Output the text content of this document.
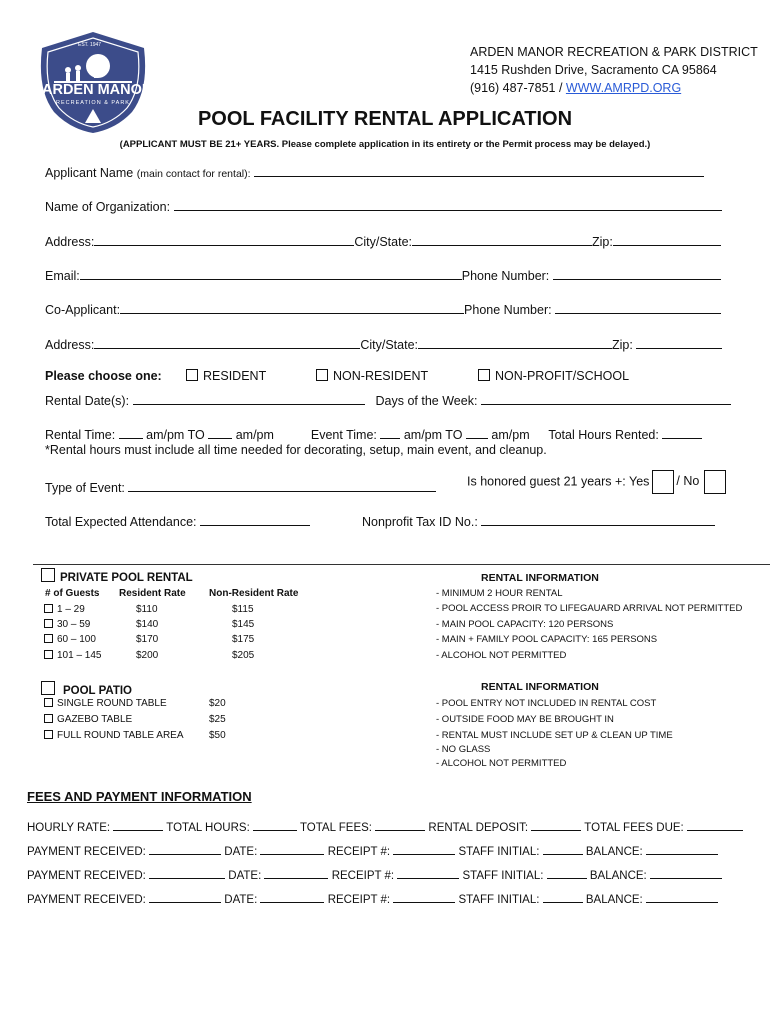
EST. 1947
ARDEN MANOR
RECREATION & PARK
ARDEN MANOR RECREATION & PARK DISTRICT
1415 Rushden Drive, Sacramento CA 95864
(916) 487-7851 / WWW.AMRPD.ORG
POOL FACILITY RENTAL APPLICATION
(APPLICANT MUST BE 21+ YEARS. Please complete application in its entirety or the Permit process may be delayed.)
Applicant Name (main contact for rental):
Name of Organization:
Address:	City/State:	Zip:
Email:	Phone Number:
Co-Applicant:	Phone Number:
Address:	City/State:	Zip:
Please choose one:	RESIDENT	NON-RESIDENT	NON-PROFIT/SCHOOL
Rental Date(s):	Days of the Week:
Rental Time: am/pm TO am/pm	Event Time: am/pm TO am/pm Total Hours Rented:
*Rental hours must include all time needed for decorating, setup, main event, and cleanup.
Type of Event:	Is honored guest 21 years +: Yes / No
Total Expected Attendance:	Nonprofit Tax ID No.:
PRIVATE POOL RENTAL
# of Guests Resident Rate Non-Resident Rate
1 – 29	$110	$115
30 – 59	$140	$145
60 – 100	$170	$175
101 – 145	$200	$205
RENTAL INFORMATION
- MINIMUM 2 HOUR RENTAL
- POOL ACCESS PROIR TO LIFEGAUARD ARRIVAL NOT PERMITTED
- MAIN POOL CAPACITY: 120 PERSONS
- MAIN + FAMILY POOL CAPACITY: 165 PERSONS
- ALCOHOL NOT PERMITTED
POOL PATIO
SINGLE ROUND TABLE	$20
GAZEBO TABLE	$25
FULL ROUND TABLE AREA	$50
RENTAL INFORMATION
- POOL ENTRY NOT INCLUDED IN RENTAL COST
- OUTSIDE FOOD MAY BE BROUGHT IN
- RENTAL MUST INCLUDE SET UP & CLEAN UP TIME
- NO GLASS
- ALCOHOL NOT PERMITTED
FEES AND PAYMENT INFORMATION
HOURLY RATE:	TOTAL HOURS:	TOTAL FEES:	RENTAL DEPOSIT:	TOTAL FEES DUE:
PAYMENT RECEIVED:	DATE:	RECEIPT #:	STAFF INITIAL:	BALANCE:
PAYMENT RECEIVED:	DATE:	RECEIPT #:	STAFF INITIAL:	BALANCE:
PAYMENT RECEIVED:	DATE:	RECEIPT #:	STAFF INITIAL:	BALANCE:
